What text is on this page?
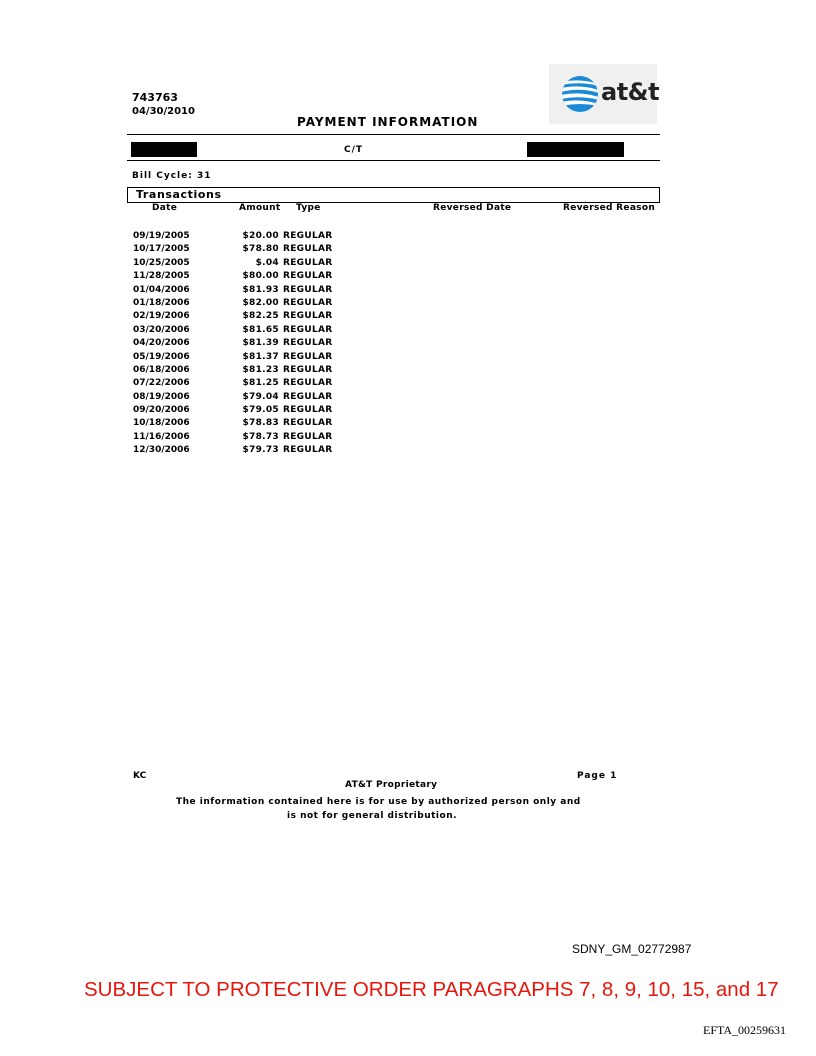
743763
04/30/2010
PAYMENT INFORMATION
at&t
C/T
Bill Cycle: 31
Transactions
Date	Amount Type	Reversed Date	Reversed Reason
09/19/2005	$20.00 REGULAR
10/17/2005	$78.80 REGULAR
10/25/2005	$.04 REGULAR
11/28/2005	$80.00 REGULAR
01/04/2006	$81.93 REGULAR
01/18/2006	$82.00 REGULAR
02/19/2006	$82.25 REGULAR
03/20/2006	$81.65 REGULAR
04/20/2006	$81.39 REGULAR
05/19/2006	$81.37 REGULAR
06/18/2006	$81.23 REGULAR
07/22/2006	$81.25 REGULAR
08/19/2006	$79.04 REGULAR
09/20/2006	$79.05 REGULAR
10/18/2006	$78.83 REGULAR
11/16/2006	$78.73 REGULAR
12/30/2006	$79.73 REGULAR
KC	Page 1
AT&T Proprietary
The information contained here is for use by authorized person only and
is not for general distribution.
SDNY_GM_02772987
SUBJECT TO PROTECTIVE ORDER PARAGRAPHS 7, 8, 9, 10, 15, and 17
EFTA_00259631
